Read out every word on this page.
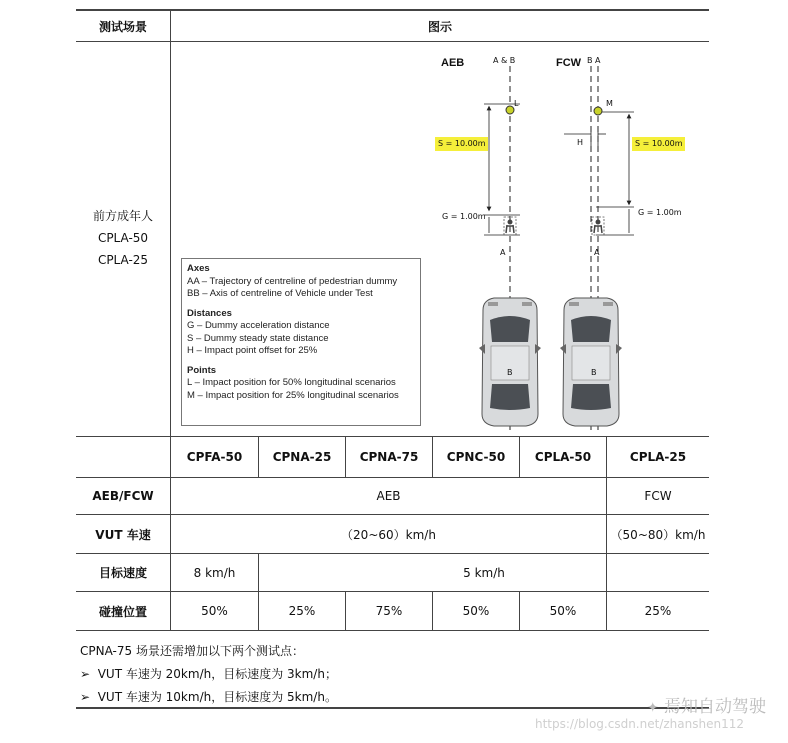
测试场景	图示
前方成年人
CPLA-50
CPLA-25
AEB	FCW
A & B	B A
L	M
S = 10.00m	S = 10.00m
G = 1.00m	G = 1.00m
H
A	A
B	B
Axes
AA – Trajectory of centreline of pedestrian dummy
BB – Axis of centreline of Vehicle under Test
Distances
G – Dummy acceleration distance
S – Dummy steady state distance
H – Impact point offset for 25%
Points
L – Impact position for 50% longitudinal scenarios
M – Impact position for 25% longitudinal scenarios
CPFA-50	CPNA-25	CPNA-75	CPNC-50	CPLA-50	CPLA-25
AEB/FCW	AEB	FCW
VUT 车速	（20~60）km/h	（50~80）km/h
目标速度	8 km/h	5 km/h
碰撞位置	50%	25%	75%	50%	50%	25%
CPNA-75 场景还需增加以下两个测试点：
➢ VUT 车速为 20km/h，目标速度为 3km/h；
➢ VUT 车速为 10km/h，目标速度为 5km/h。
✦ 焉知自动驾驶
https://blog.csdn.net/zhanshen112
